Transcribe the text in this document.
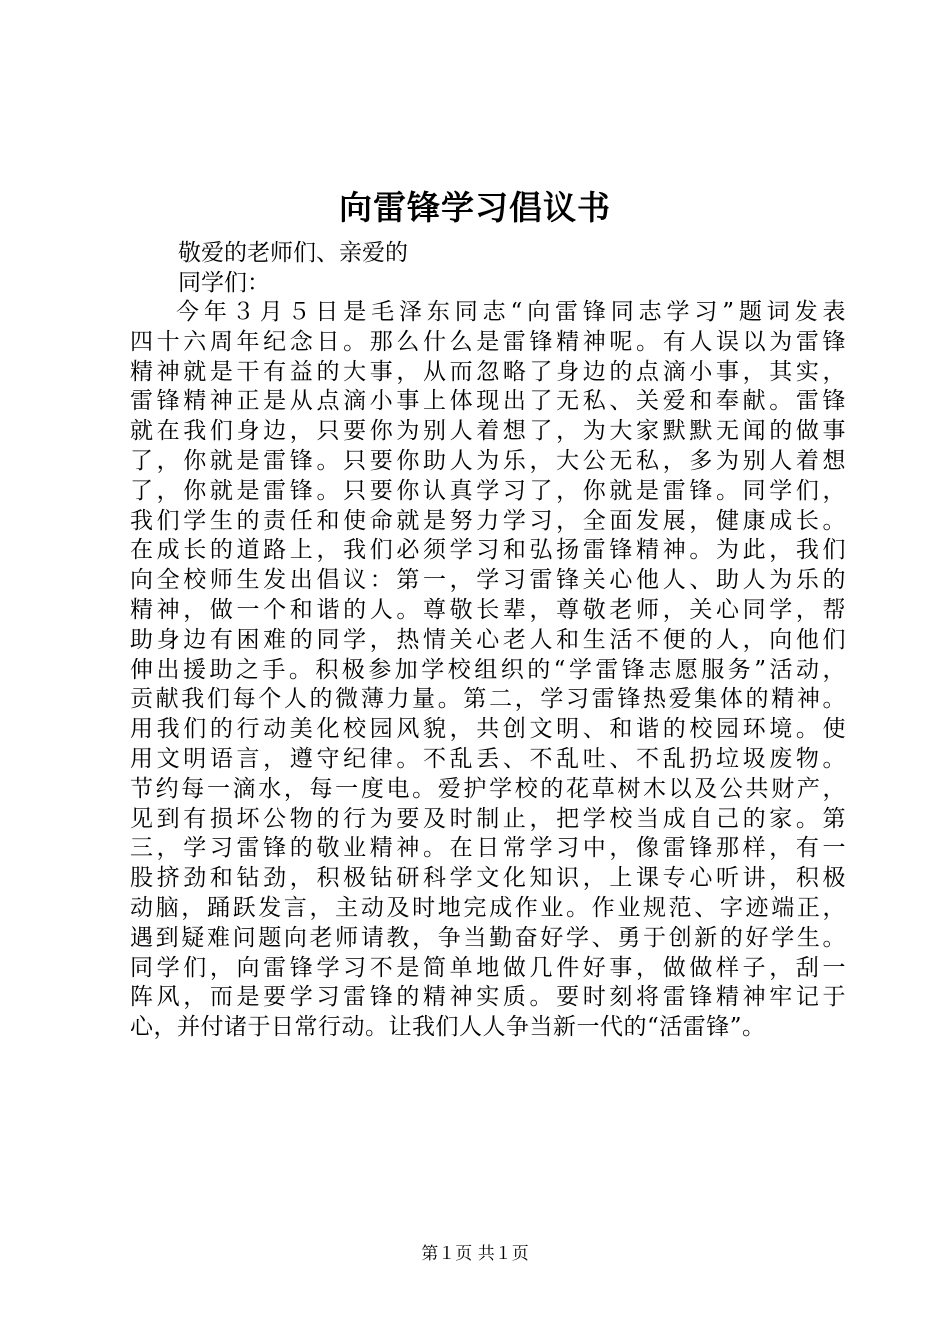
向雷锋学习倡议书
敬爱的老师们、亲爱的
同学们：
今年３月５日是毛泽东同志“向雷锋同志学习”题词发表
四十六周年纪念日。那么什么是雷锋精神呢。有人误以为雷锋
精神就是干有益的大事，从而忽略了身边的点滴小事，其实，
雷锋精神正是从点滴小事上体现出了无私、关爱和奉献。雷锋
就在我们身边，只要你为别人着想了，为大家默默无闻的做事
了，你就是雷锋。只要你助人为乐，大公无私，多为别人着想
了，你就是雷锋。只要你认真学习了，你就是雷锋。同学们，
我们学生的责任和使命就是努力学习，全面发展，健康成长。
在成长的道路上，我们必须学习和弘扬雷锋精神。为此，我们
向全校师生发出倡议：第一，学习雷锋关心他人、助人为乐的
精神，做一个和谐的人。尊敬长辈，尊敬老师，关心同学，帮
助身边有困难的同学，热情关心老人和生活不便的人，向他们
伸出援助之手。积极参加学校组织的“学雷锋志愿服务”活动，
贡献我们每个人的微薄力量。第二，学习雷锋热爱集体的精神。
用我们的行动美化校园风貌，共创文明、和谐的校园环境。使
用文明语言，遵守纪律。不乱丢、不乱吐、不乱扔垃圾废物。
节约每一滴水，每一度电。爱护学校的花草树木以及公共财产，
见到有损坏公物的行为要及时制止，把学校当成自己的家。第
三，学习雷锋的敬业精神。在日常学习中，像雷锋那样，有一
股挤劲和钻劲，积极钻研科学文化知识，上课专心听讲，积极
动脑，踊跃发言，主动及时地完成作业。作业规范、字迹端正，
遇到疑难问题向老师请教，争当勤奋好学、勇于创新的好学生。
同学们，向雷锋学习不是简单地做几件好事，做做样子，刮一
阵风，而是要学习雷锋的精神实质。要时刻将雷锋精神牢记于
心，并付诸于日常行动。让我们人人争当新一代的“活雷锋”。
第１页 共１页
